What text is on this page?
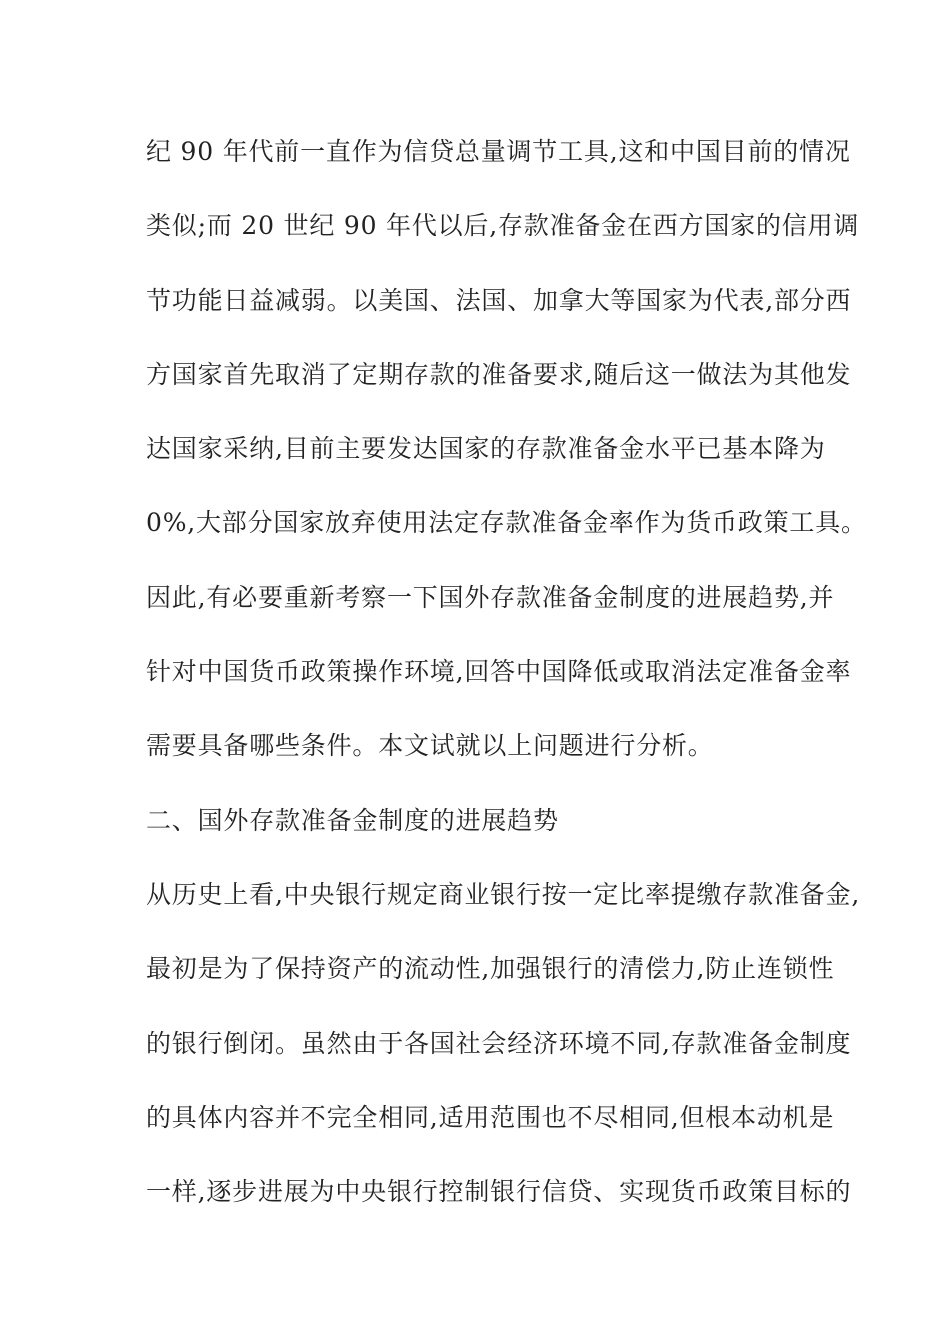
纪 90 年代前一直作为信贷总量调节工具,这和中国目前的情况
类似;而 20 世纪 90 年代以后,存款准备金在西方国家的信用调
节功能日益减弱。以美国、法国、加拿大等国家为代表,部分西
方国家首先取消了定期存款的准备要求,随后这一做法为其他发
达国家采纳,目前主要发达国家的存款准备金水平已基本降为
0%,大部分国家放弃使用法定存款准备金率作为货币政策工具。
因此,有必要重新考察一下国外存款准备金制度的进展趋势,并
针对中国货币政策操作环境,回答中国降低或取消法定准备金率
需要具备哪些条件。本文试就以上问题进行分析。
二、国外存款准备金制度的进展趋势
从历史上看,中央银行规定商业银行按一定比率提缴存款准备金,
最初是为了保持资产的流动性,加强银行的清偿力,防止连锁性
的银行倒闭。虽然由于各国社会经济环境不同,存款准备金制度
的具体内容并不完全相同,适用范围也不尽相同,但根本动机是
一样,逐步进展为中央银行控制银行信贷、实现货币政策目标的
